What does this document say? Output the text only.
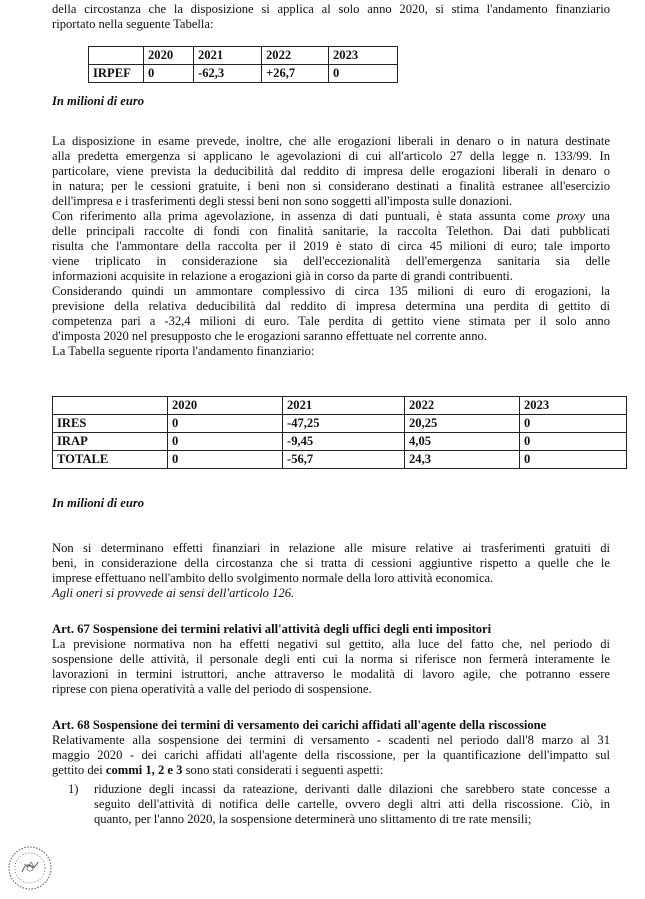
della circostanza che la disposizione si applica al solo anno 2020, si stima l'andamento finanziario
riportato nella seguente Tabella:
	2020	2021	2022	2023
IRPEF	0	-62,3	+26,7	0
In milioni di euro
La disposizione in esame prevede, inoltre, che alle erogazioni liberali in denaro o in natura destinate
alla predetta emergenza si applicano le agevolazioni di cui all'articolo 27 della legge n. 133/99. In
particolare, viene prevista la deducibilità dal reddito di impresa delle erogazioni liberali in denaro o
in natura; per le cessioni gratuite, i beni non si considerano destinati a finalità estranee all'esercizio
dell'impresa e i trasferimenti degli stessi beni non sono soggetti all'imposta sulle donazioni.
Con riferimento alla prima agevolazione, in assenza di dati puntuali, è stata assunta come proxy una
delle principali raccolte di fondi con finalità sanitarie, la raccolta Telethon. Dai dati pubblicati
risulta che l'ammontare della raccolta per il 2019 è stato di circa 45 milioni di euro; tale importo
viene triplicato in considerazione sia dell'eccezionalità dell'emergenza sanitaria sia delle
informazioni acquisite in relazione a erogazioni già in corso da parte di grandi contribuenti.
Considerando quindi un ammontare complessivo di circa 135 milioni di euro di erogazioni, la
previsione della relativa deducibilità dal reddito di impresa determina una perdita di gettito di
competenza pari a -32,4 milioni di euro. Tale perdita di gettito viene stimata per il solo anno
d'imposta 2020 nel presupposto che le erogazioni saranno effettuate nel corrente anno.
La Tabella seguente riporta l'andamento finanziario:
	2020	2021	2022	2023
IRES	0	-47,25	20,25	0
IRAP	0	-9,45	4,05	0
TOTALE	0	-56,7	24,3	0
In milioni di euro
Non si determinano effetti finanziari in relazione alle misure relative ai trasferimenti gratuiti di
beni, in considerazione della circostanza che si tratta di cessioni aggiuntive rispetto a quelle che le
imprese effettuano nell'ambito dello svolgimento normale della loro attività economica.
Agli oneri si provvede ai sensi dell'articolo 126.
Art. 67 Sospensione dei termini relativi all'attività degli uffici degli enti impositori
La previsione normativa non ha effetti negativi sul gettito, alla luce del fatto che, nel periodo di
sospensione delle attività, il personale degli enti cui la norma si riferisce non fermerà interamente le
lavorazioni in termini istruttori, anche attraverso le modalità di lavoro agile, che potranno essere
riprese con piena operatività a valle del periodo di sospensione.
Art. 68 Sospensione dei termini di versamento dei carichi affidati all'agente della riscossione
Relativamente alla sospensione dei termini di versamento - scadenti nel periodo dall'8 marzo al 31
maggio 2020 - dei carichi affidati all'agente della riscossione, per la quantificazione dell'impatto sul
gettito dei commi 1, 2 e 3 sono stati considerati i seguenti aspetti:
1) riduzione degli incassi da rateazione, derivanti dalle dilazioni che sarebbero state concesse a
seguito dell'attività di notifica delle cartelle, ovvero degli altri atti della riscossione. Ciò, in
quanto, per l'anno 2020, la sospensione determinerà uno slittamento di tre rate mensili;
